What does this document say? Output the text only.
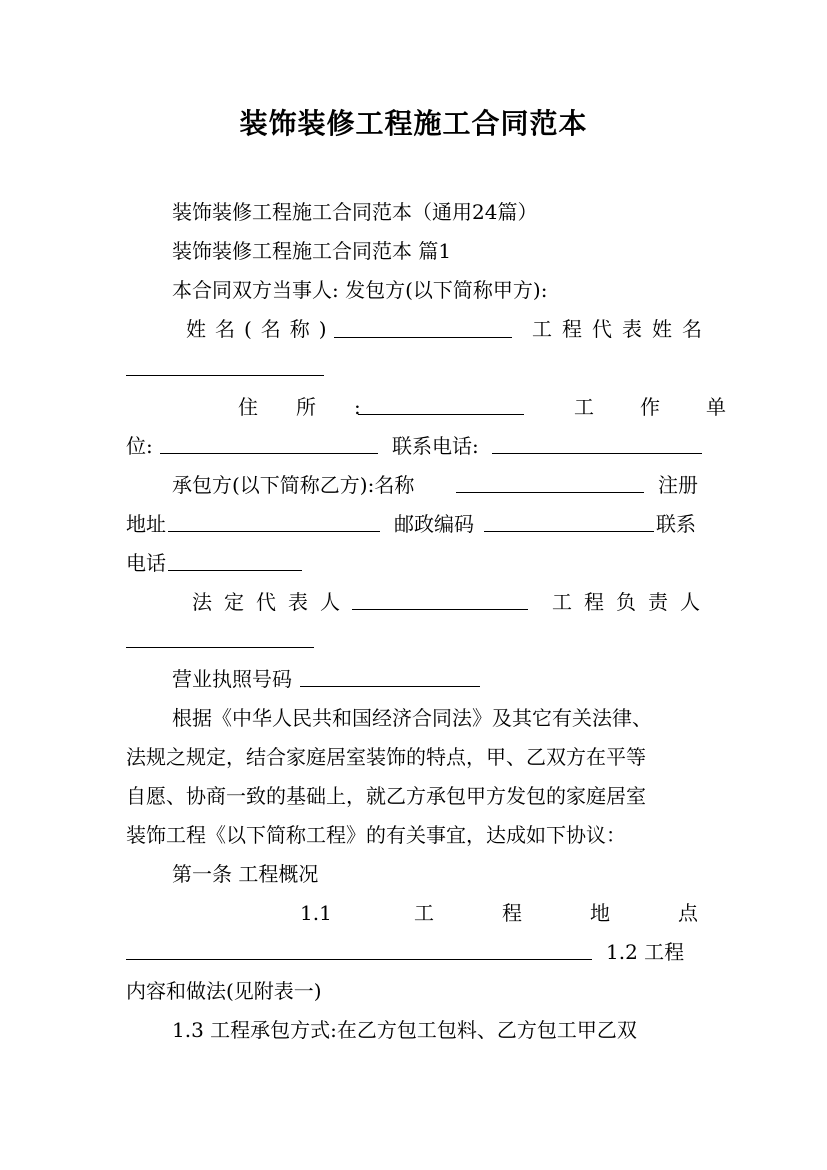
装饰装修工程施工合同范本
装饰装修工程施工合同范本（通用24篇）
装饰装修工程施工合同范本 篇1
本合同双方当事人: 发包方(以下简称甲方):
姓名(名称)	工程代表姓名
住所:	工作单
位:	联系电话:
承包方(以下简称乙方):名称	注册
地址	邮政编码	联系
电话
法定代表人	工程负责人
营业执照号码
根据《中华人民共和国经济合同法》及其它有关法律、
法规之规定，结合家庭居室装饰的特点，甲、乙双方在平等
自愿、协商一致的基础上，就乙方承包甲方发包的家庭居室
装饰工程《以下简称工程》的有关事宜，达成如下协议：
第一条 工程概况
1.1	工程地点
1.2 工程
内容和做法(见附表一)
1.3 工程承包方式:在乙方包工包料、乙方包工甲乙双
